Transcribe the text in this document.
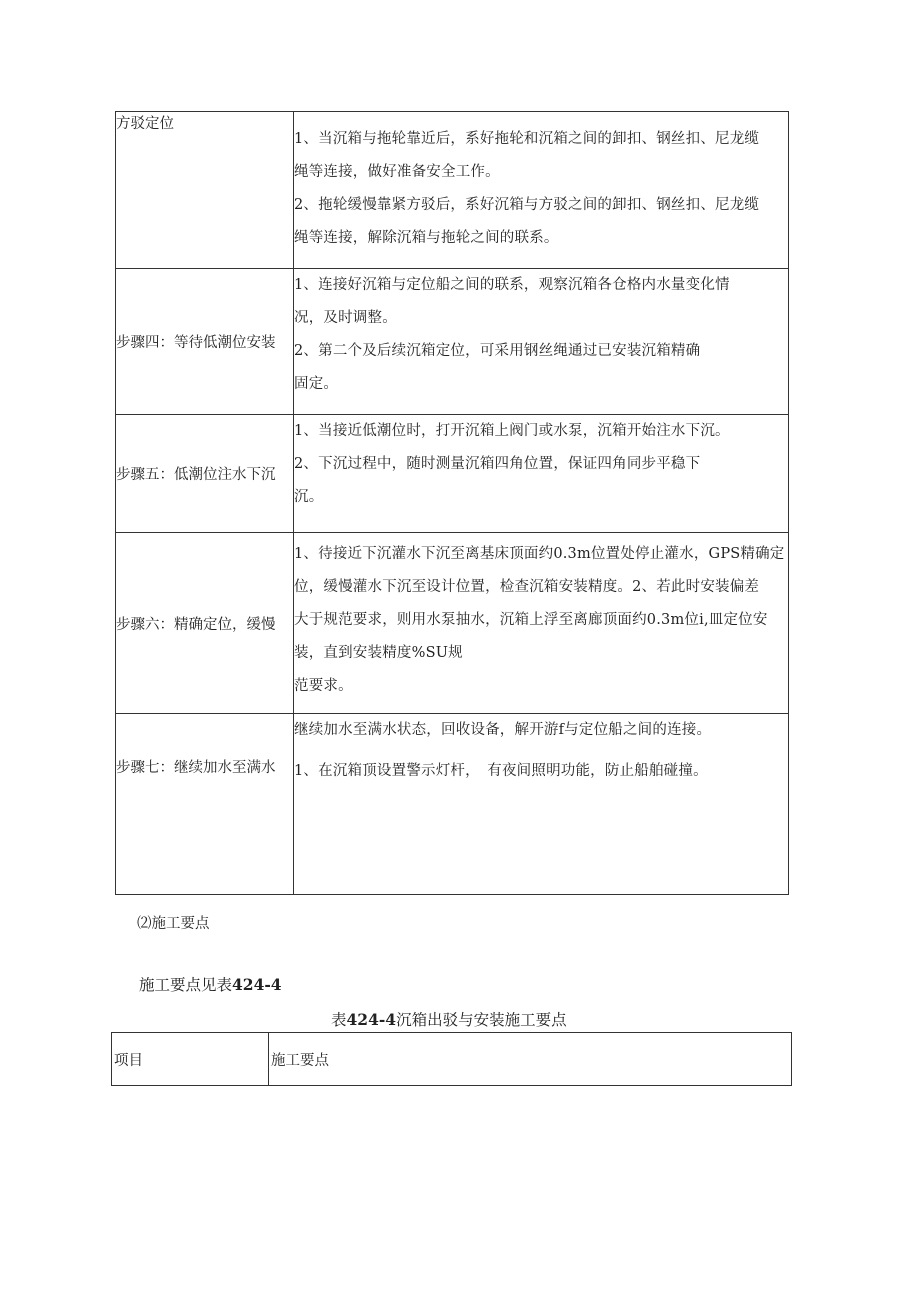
方驳定位	1、当沉箱与拖轮靠近后，系好拖轮和沉箱之间的卸扣、钢丝扣、尼龙缆

绳等连接，做好准备安全工作。

2、拖轮缓慢靠紧方驳后，系好沉箱与方驳之间的卸扣、钢丝扣、尼龙缆

绳等连接，解除沉箱与拖轮之间的联系。

步骤四：等待低潮位安装	1、连接好沉箱与定位船之间的联系，观察沉箱各仓格内水量变化情

况，及时调整。

2、第二个及后续沉箱定位，可采用钢丝绳通过已安装沉箱精确

固定。

步骤五：低潮位注水下沉	1、当接近低潮位时，打开沉箱上阀门或水泵，沉箱开始注水下沉。

2、下沉过程中，随时测量沉箱四角位置，保证四角同步平稳下

沉。

步骤六：精确定位，缓慢	1、待接近下沉灌水下沉至离基床顶面约0.3m位置处停止灌水，GPS精确定

位，缓慢灌水下沉至设计位置，检查沉箱安装精度。2、若此时安装偏差

大于规范要求，则用水泵抽水，沉箱上浮至离廊顶面约0.3m位i,皿定位安

装，直到安装精度%SU规

范要求。

步骤七：继续加水至满水	继续加水至满水状态，回收设备，解开游f与定位船之间的连接。

1、在沉箱顶设置警示灯杆，　有夜间照明功能，防止船舶碰撞。

⑵施工要点

施工要点见表424-4

表424-4沉箱出驳与安装施工要点

项目	施工要点
